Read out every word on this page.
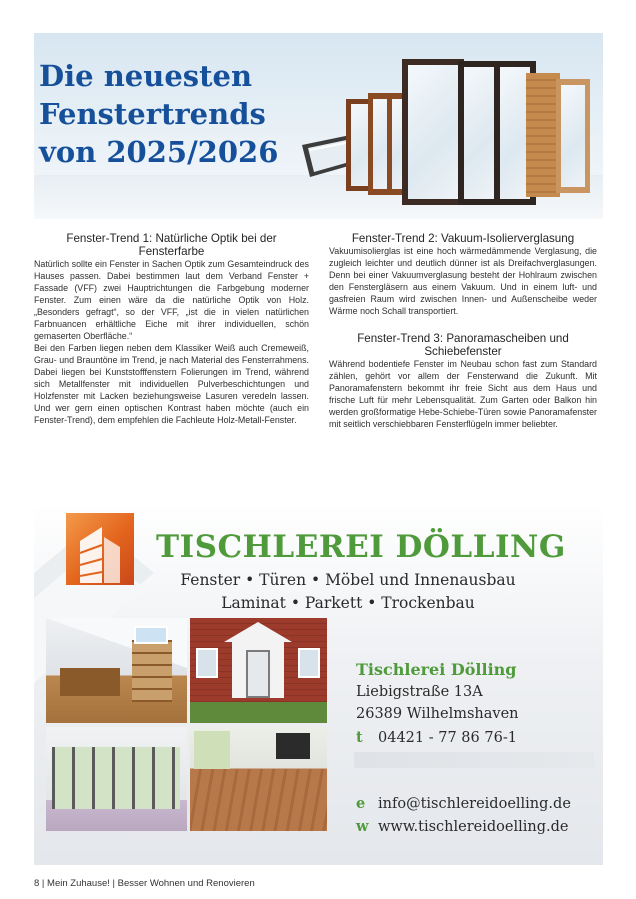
Die neuesten
Fenstertrends
von 2025/2026
Fenster-Trend 1: Natürliche Optik bei der Fensterfarbe

Natürlich sollte ein Fenster in Sachen Optik zum Gesamteindruck des Hauses passen. Dabei bestimmen laut dem Verband Fenster + Fassade (VFF) zwei Hauptrichtungen die Farbgebung moderner Fenster. Zum einen wäre da die natürliche Optik von Holz. „Besonders gefragt“, so der VFF, „ist die in vielen natürlichen Farbnuancen erhältliche Eiche mit ihrer individuellen, schön gemaserten Oberfläche.“

Bei den Farben liegen neben dem Klassiker Weiß auch Cremeweiß, Grau- und Brauntöne im Trend, je nach Material des Fensterrahmens. Dabei liegen bei Kunststofffenstern Folierungen im Trend, während sich Metallfenster mit individuellen Pulverbeschichtungen und Holzfenster mit Lacken beziehungsweise Lasuren veredeln lassen. Und wer gern einen optischen Kontrast haben möchte (auch ein Fenster-Trend), dem empfehlen die Fachleute Holz-Metall-Fenster.

Fenster-Trend 2: Vakuum-Isolierverglasung

Vakuumisolierglas ist eine hoch wärmedämmende Verglasung, die zugleich leichter und deutlich dünner ist als Dreifachverglasungen. Denn bei einer Vakuumverglasung besteht der Hohlraum zwischen den Fenstergläsern aus einem Vakuum. Und in einem luft- und gasfreien Raum wird zwischen Innen- und Außenscheibe weder Wärme noch Schall transportiert.

Fenster-Trend 3: Panoramascheiben und Schiebefenster

Während bodentiefe Fenster im Neubau schon fast zum Standard zählen, gehört vor allem der Fensterwand die Zukunft. Mit Panoramafenstern bekommt ihr freie Sicht aus dem Haus und frische Luft für mehr Lebensqualität. Zum Garten oder Balkon hin werden großformatige Hebe-Schiebe-Türen sowie Panoramafenster mit seitlich verschiebbaren Fensterflügeln immer beliebter.

TISCHLEREI DÖLLING
Fenster • Türen • Möbel und Innenausbau
Laminat • Parkett • Trockenbau
Tischlerei Dölling
Liebigstraße 13A
26389 Wilhelmshaven
t 04421 - 77 86 76-1
e info@tischlereidoelling.de
w www.tischlereidoelling.de
8 | Mein Zuhause! | Besser Wohnen und Renovieren
